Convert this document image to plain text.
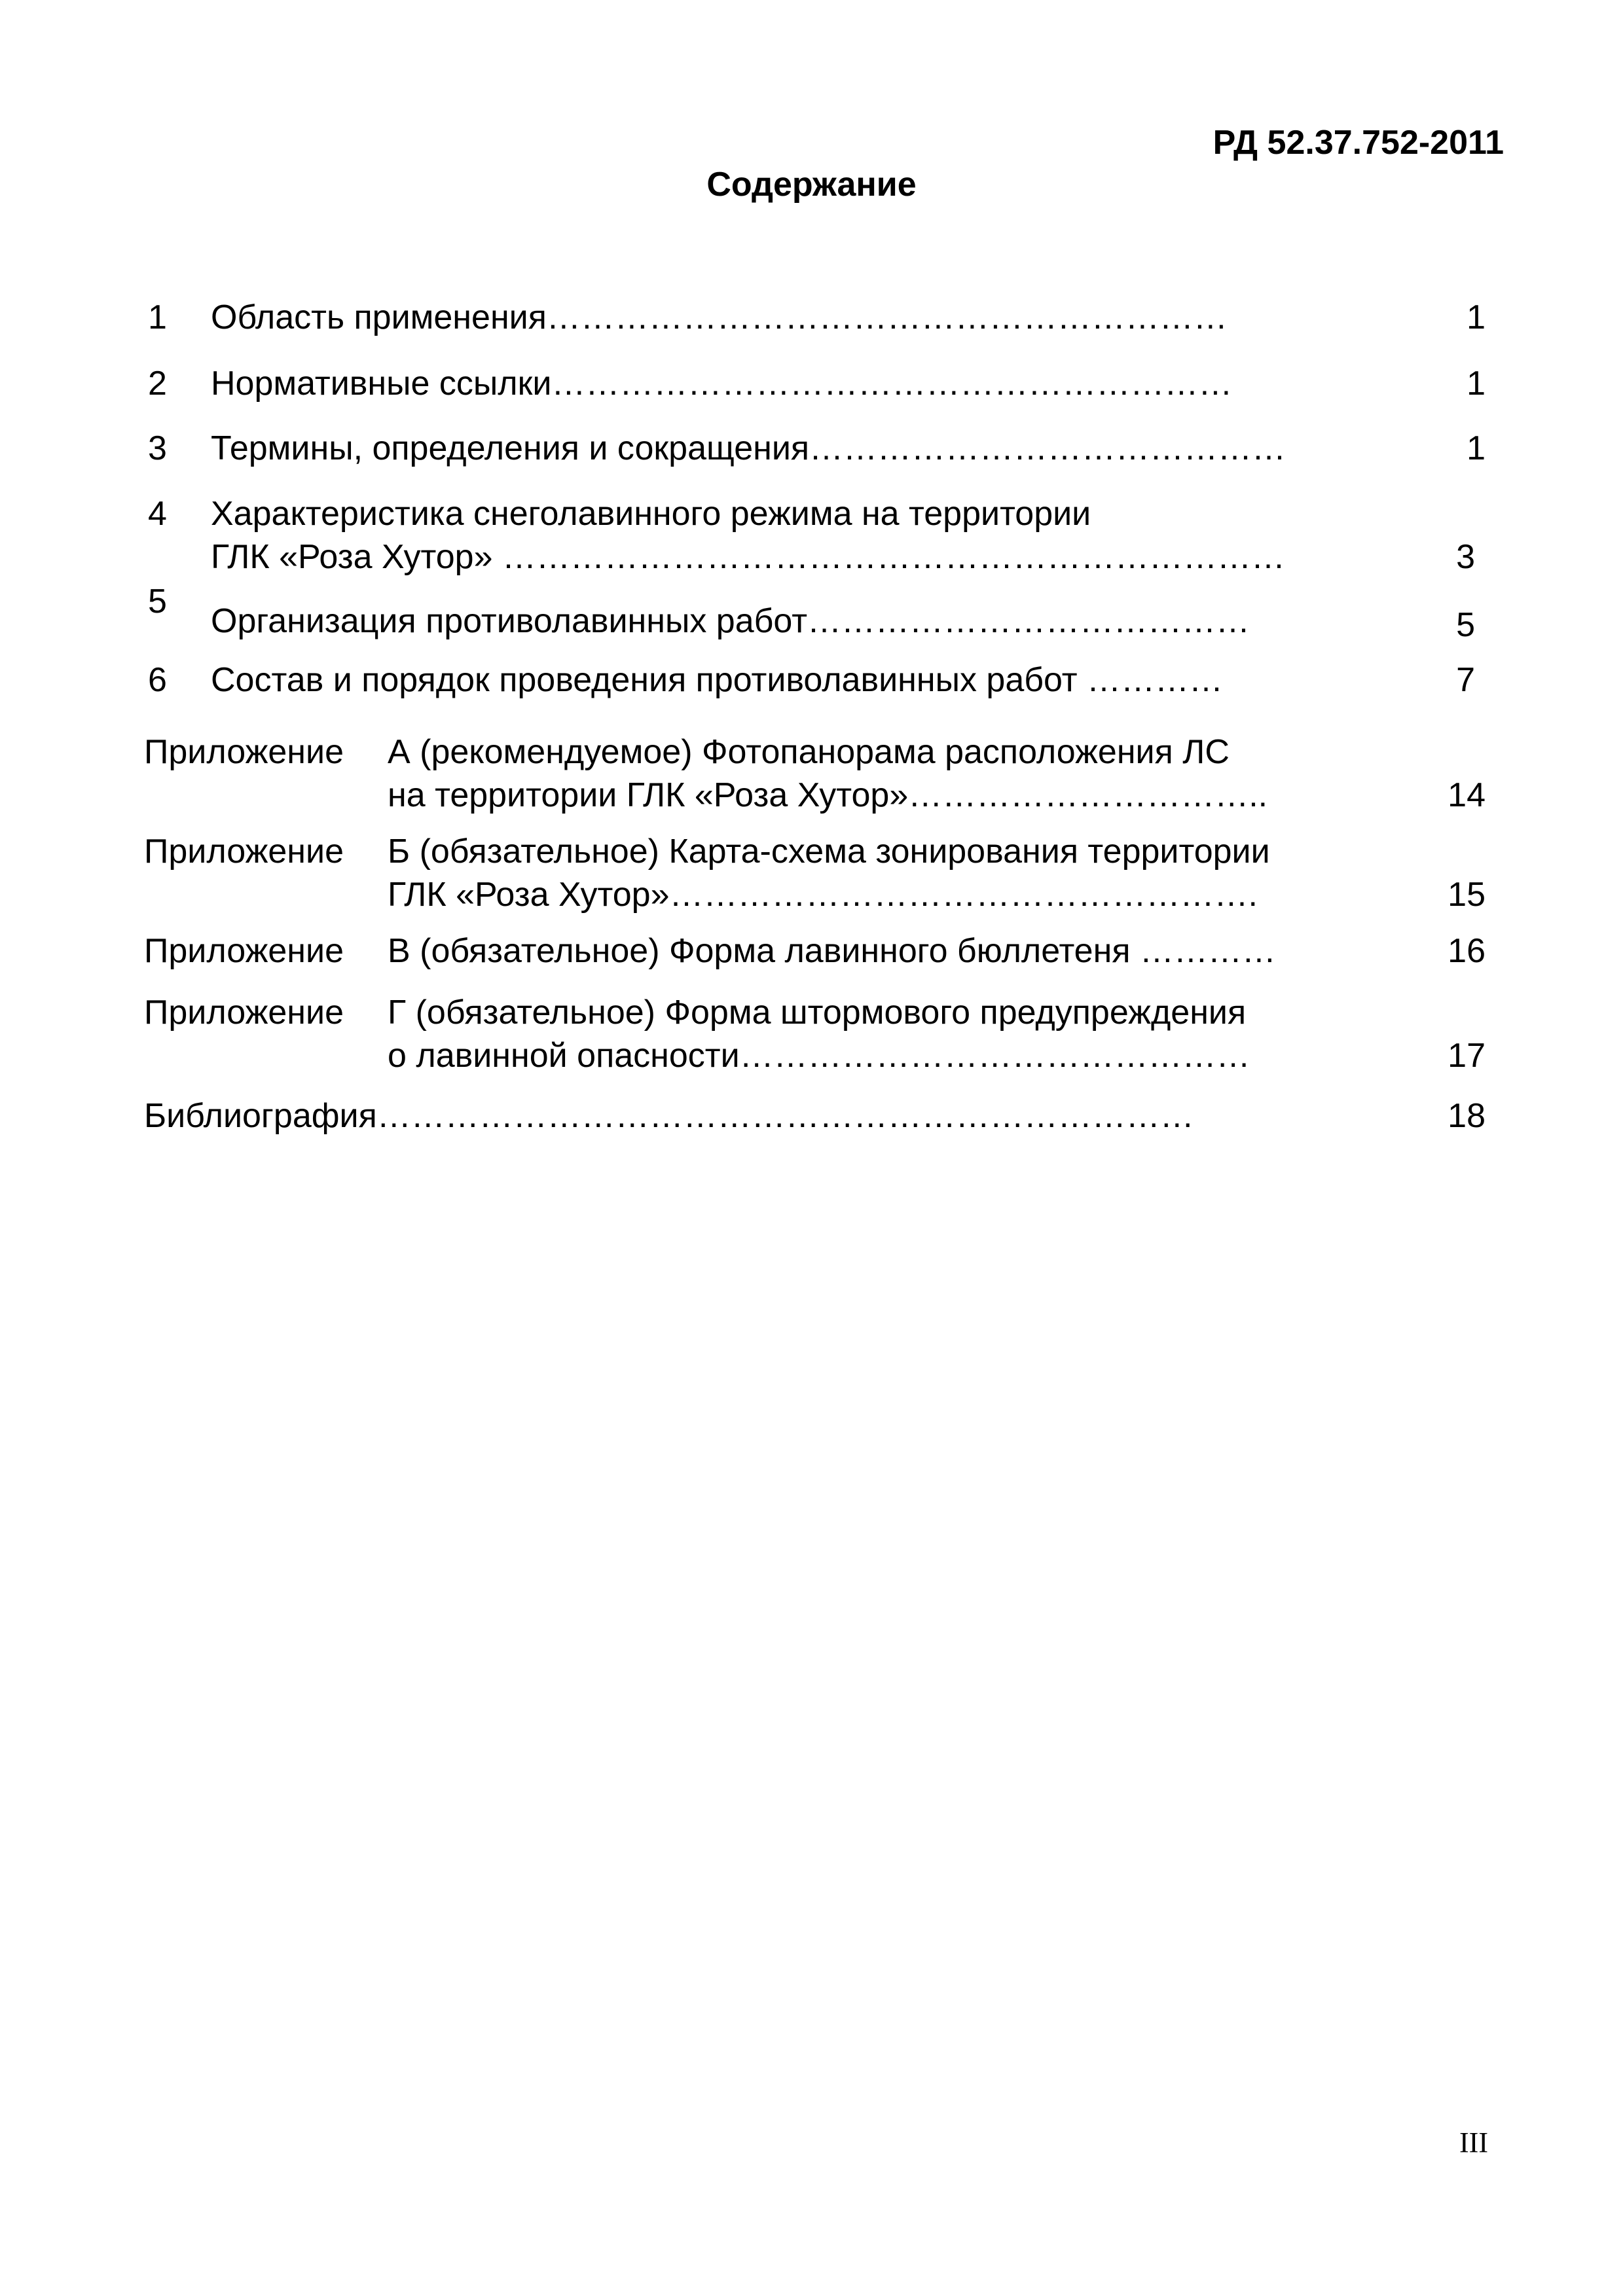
РД 52.37.752-2011
Содержание
1 Область применения……………………………………………………	1
2 Нормативные ссылки……………………………………………………	1
3 Термины, определения и сокращения……………………………………	1
4 Характеристика снеголавинного режима на территории
ГЛК «Роза Хутор» ……………………………………………………………	3
5
Организация противолавинных работ…………………………………	5
6 Состав и порядок проведения противолавинных работ …………	7
Приложение А (рекомендуемое) Фотопанорама расположения ЛС
на территории ГЛК «Роза Хутор»…………………………..	14
Приложение Б (обязательное) Карта-схема зонирования территории
ГЛК «Роза Хутор»…………………………………………….	15
Приложение В (обязательное) Форма лавинного бюллетеня …………	16
Приложение Г (обязательное) Форма штормового предупреждения
о лавинной опасности………………………………………	17
Библиография………………………………………………………………	18
III
